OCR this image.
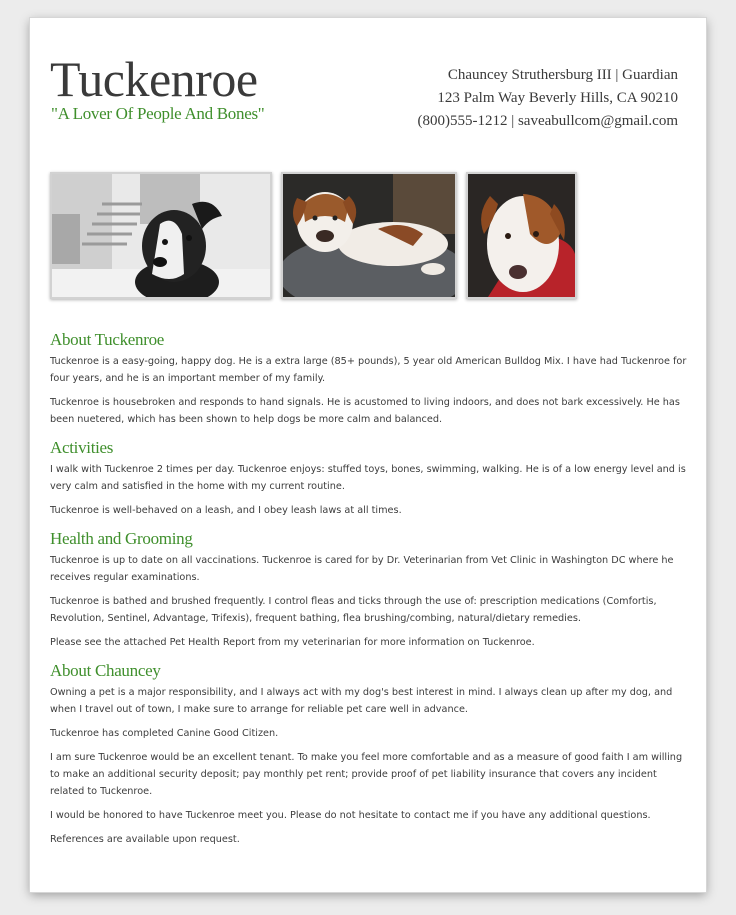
Tuckenroe

"A Lover Of People And Bones"

Chauncey Struthersburg III | Guardian
123 Palm Way Beverly Hills, CA 90210
(800)555-1212 | saveabullcom@gmail.com
About Tuckenroe

Tuckenroe is a easy-going, happy dog. He is a extra large (85+ pounds), 5 year old American Bulldog Mix. I have had Tuckenroe for four years, and he is an important member of my family.

Tuckenroe is housebroken and responds to hand signals. He is acustomed to living indoors, and does not bark excessively. He has been nuetered, which has been shown to help dogs be more calm and balanced.

Activities

I walk with Tuckenroe 2 times per day. Tuckenroe enjoys: stuffed toys, bones, swimming, walking. He is of a low energy level and is very calm and satisfied in the home with my current routine.

Tuckenroe is well-behaved on a leash, and I obey leash laws at all times.

Health and Grooming

Tuckenroe is up to date on all vaccinations. Tuckenroe is cared for by Dr. Veterinarian from Vet Clinic in Washington DC where he receives regular examinations.

Tuckenroe is bathed and brushed frequently. I control fleas and ticks through the use of: prescription medications (Comfortis, Revolution, Sentinel, Advantage, Trifexis), frequent bathing, flea brushing/combing, natural/dietary remedies.

Please see the attached Pet Health Report from my veterinarian for more information on Tuckenroe.

About Chauncey

Owning a pet is a major responsibility, and I always act with my dog's best interest in mind. I always clean up after my dog, and when I travel out of town, I make sure to arrange for reliable pet care well in advance.

Tuckenroe has completed Canine Good Citizen.

I am sure Tuckenroe would be an excellent tenant. To make you feel more comfortable and as a measure of good faith I am willing to make an additional security deposit; pay monthly pet rent; provide proof of pet liability insurance that covers any incident related to Tuckenroe.

I would be honored to have Tuckenroe meet you. Please do not hesitate to contact me if you have any additional questions.

References are available upon request.
